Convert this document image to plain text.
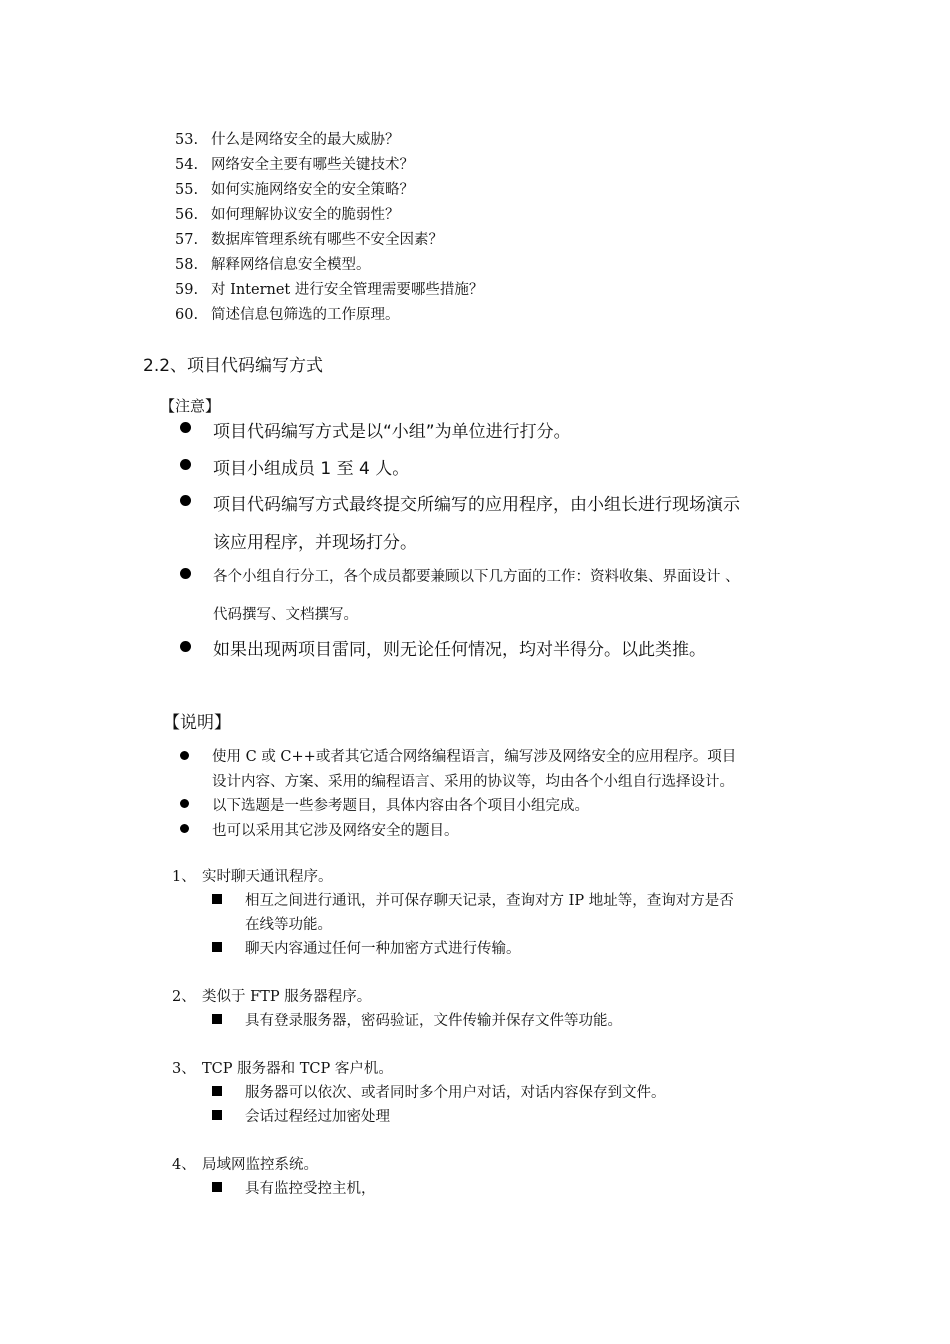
53. 什么是网络安全的最大威胁？
54. 网络安全主要有哪些关键技术？
55. 如何实施网络安全的安全策略？
56. 如何理解协议安全的脆弱性？
57. 数据库管理系统有哪些不安全因素？
58. 解释网络信息安全模型。
59. 对 Internet 进行安全管理需要哪些措施？
60. 简述信息包筛选的工作原理。
2.2、项目代码编写方式
【注意】
项目代码编写方式是以“小组”为单位进行打分。
项目小组成员 1 至 4 人。
项目代码编写方式最终提交所编写的应用程序，由小组长进行现场演示
该应用程序，并现场打分。
各个小组自行分工，各个成员都要兼顾以下几方面的工作：资料收集、界面设计 、
代码撰写、文档撰写。
如果出现两项目雷同，则无论任何情况，均对半得分。以此类推。
【说明】
使用 C 或 C++或者其它适合网络编程语言，编写涉及网络安全的应用程序。项目
设计内容、方案、采用的编程语言、采用的协议等，均由各个小组自行选择设计。
以下选题是一些参考题目，具体内容由各个项目小组完成。
也可以采用其它涉及网络安全的题目。
1、 实时聊天通讯程序。
相互之间进行通讯，并可保存聊天记录，查询对方 IP 地址等，查询对方是否
在线等功能。
聊天内容通过任何一种加密方式进行传输。
2、 类似于 FTP 服务器程序。
具有登录服务器，密码验证，文件传输并保存文件等功能。
3、 TCP 服务器和 TCP 客户机。
服务器可以依次、或者同时多个用户对话，对话内容保存到文件。
会话过程经过加密处理
4、 局域网监控系统。
具有监控受控主机，
